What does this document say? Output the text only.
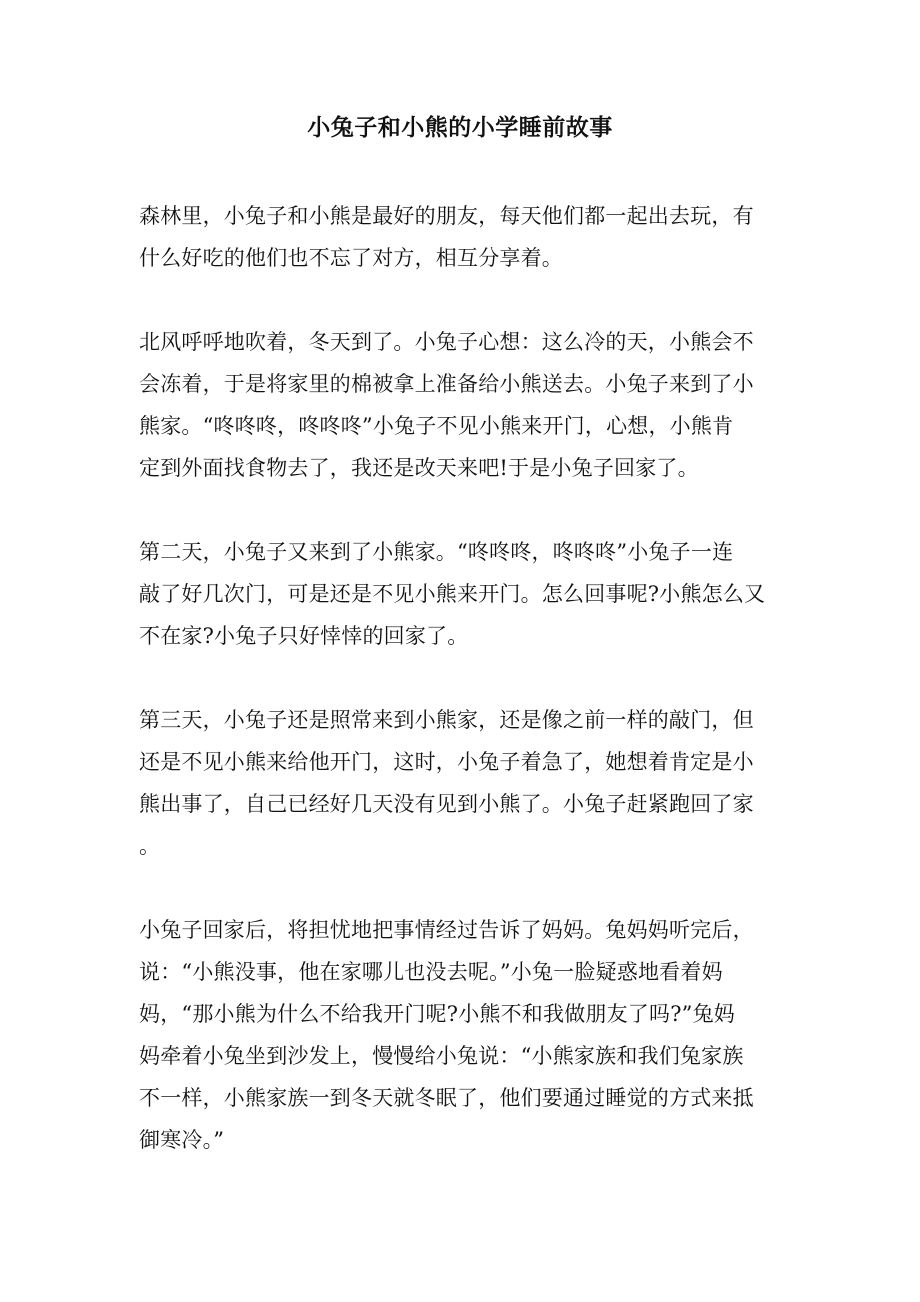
小兔子和小熊的小学睡前故事
森林里，小兔子和小熊是最好的朋友，每天他们都一起出去玩，有
什么好吃的他们也不忘了对方，相互分享着。
北风呼呼地吹着，冬天到了。小兔子心想：这么冷的天，小熊会不
会冻着，于是将家里的棉被拿上准备给小熊送去。小兔子来到了小
熊家。“咚咚咚，咚咚咚”小兔子不见小熊来开门，心想，小熊肯
定到外面找食物去了，我还是改天来吧!于是小兔子回家了。
第二天，小兔子又来到了小熊家。“咚咚咚，咚咚咚”小兔子一连
敲了好几次门，可是还是不见小熊来开门。怎么回事呢?小熊怎么又
不在家?小兔子只好悻悻的回家了。
第三天，小兔子还是照常来到小熊家，还是像之前一样的敲门，但
还是不见小熊来给他开门，这时，小兔子着急了，她想着肯定是小
熊出事了，自己已经好几天没有见到小熊了。小兔子赶紧跑回了家
。
小兔子回家后，将担忧地把事情经过告诉了妈妈。兔妈妈听完后，
说：“小熊没事，他在家哪儿也没去呢。”小兔一脸疑惑地看着妈
妈，“那小熊为什么不给我开门呢?小熊不和我做朋友了吗?”兔妈
妈牵着小兔坐到沙发上，慢慢给小兔说：“小熊家族和我们兔家族
不一样，小熊家族一到冬天就冬眠了，他们要通过睡觉的方式来抵
御寒冷。”
